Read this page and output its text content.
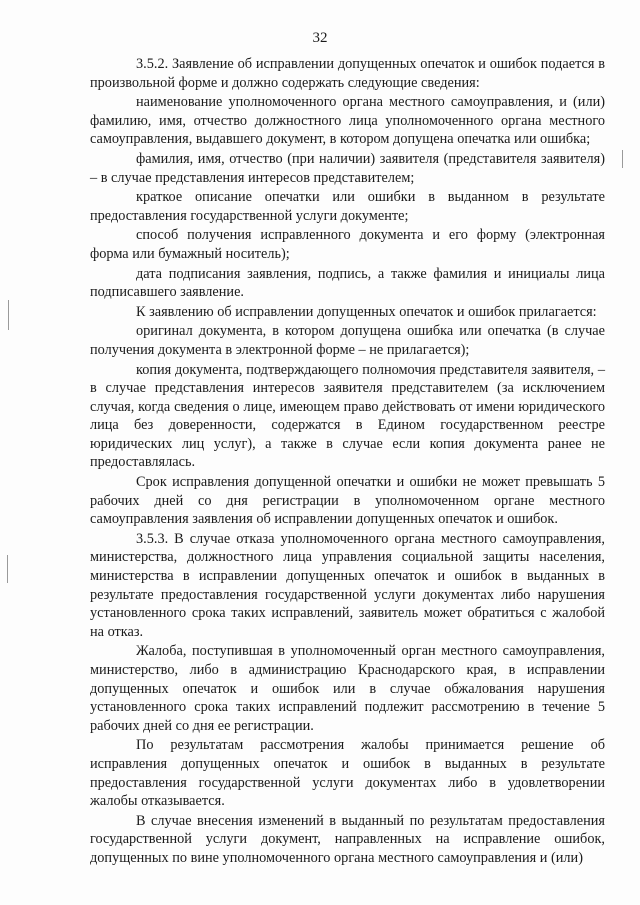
32

3.5.2. Заявление об исправлении допущенных опечаток и ошибок подается в произвольной форме и должно содержать следующие сведения:

наименование уполномоченного органа местного самоуправления, и (или) фамилию, имя, отчество должностного лица уполномоченного органа местного самоуправления, выдавшего документ, в котором допущена опечатка или ошибка;

фамилия, имя, отчество (при наличии) заявителя (представителя заявителя) – в случае представления интересов представителем;

краткое описание опечатки или ошибки в выданном в результате предоставления государственной услуги документе;

способ получения исправленного документа и его форму (электронная форма или бумажный носитель);

дата подписания заявления, подпись, а также фамилия и инициалы лица подписавшего заявление.

К заявлению об исправлении допущенных опечаток и ошибок прилагается:

оригинал документа, в котором допущена ошибка или опечатка (в случае получения документа в электронной форме – не прилагается);

копия документа, подтверждающего полномочия представителя заявителя, – в случае представления интересов заявителя представителем (за исключением случая, когда сведения о лице, имеющем право действовать от имени юридического лица без доверенности, содержатся в Едином государственном реестре юридических лиц услуг), а также в случае если копия документа ранее не предоставлялась.

Срок исправления допущенной опечатки и ошибки не может превышать 5 рабочих дней со дня регистрации в уполномоченном органе местного самоуправления заявления об исправлении допущенных опечаток и ошибок.

3.5.3. В случае отказа уполномоченного органа местного самоуправления, министерства, должностного лица управления социальной защиты населения, министерства в исправлении допущенных опечаток и ошибок в выданных в результате предоставления государственной услуги документах либо нарушения установленного срока таких исправлений, заявитель может обратиться с жалобой на отказ.

Жалоба, поступившая в уполномоченный орган местного самоуправления, министерство, либо в администрацию Краснодарского края, в исправлении допущенных опечаток и ошибок или в случае обжалования нарушения установленного срока таких исправлений подлежит рассмотрению в течение 5 рабочих дней со дня ее регистрации.

По результатам рассмотрения жалобы принимается решение об исправления допущенных опечаток и ошибок в выданных в результате предоставления государственной услуги документах либо в удовлетворении жалобы отказывается.

В случае внесения изменений в выданный по результатам предоставления государственной услуги документ, направленных на исправление ошибок, допущенных по вине уполномоченного органа местного самоуправления и (или)
